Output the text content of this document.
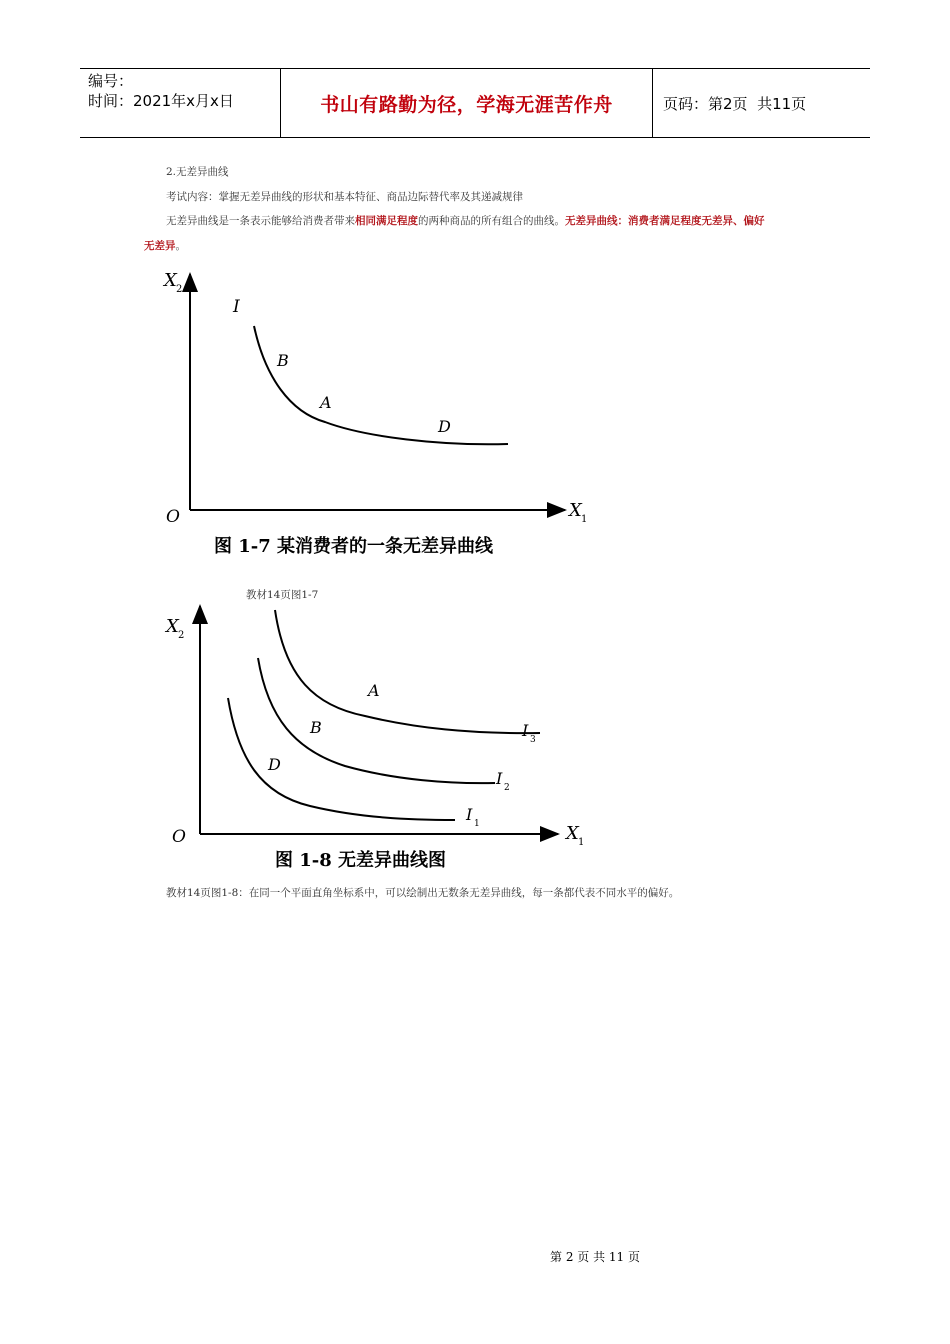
编号：
时间：2021年x月x日	书山有路勤为径，学海无涯苦作舟	页码：第2页  共11页
2.无差异曲线
考试内容：掌握无差异曲线的形状和基本特征、商品边际替代率及其递减规律
无差异曲线是一条表示能够给消费者带来相同满足程度的两种商品的所有组合的曲线。无差异曲线：消费者满足程度无差异、偏好
无差异。
X 2
X 1
O
I
B
A
D
图 1-7 某消费者的一条无差异曲线
教材14页图1-7
X 2
X 1
O
A
B
D
I 3
I 2
I 1
图 1-8 无差异曲线图
教材14页图1-8：在同一个平面直角坐标系中，可以绘制出无数条无差异曲线，每一条都代表不同水平的偏好。
第 2 页 共 11 页
